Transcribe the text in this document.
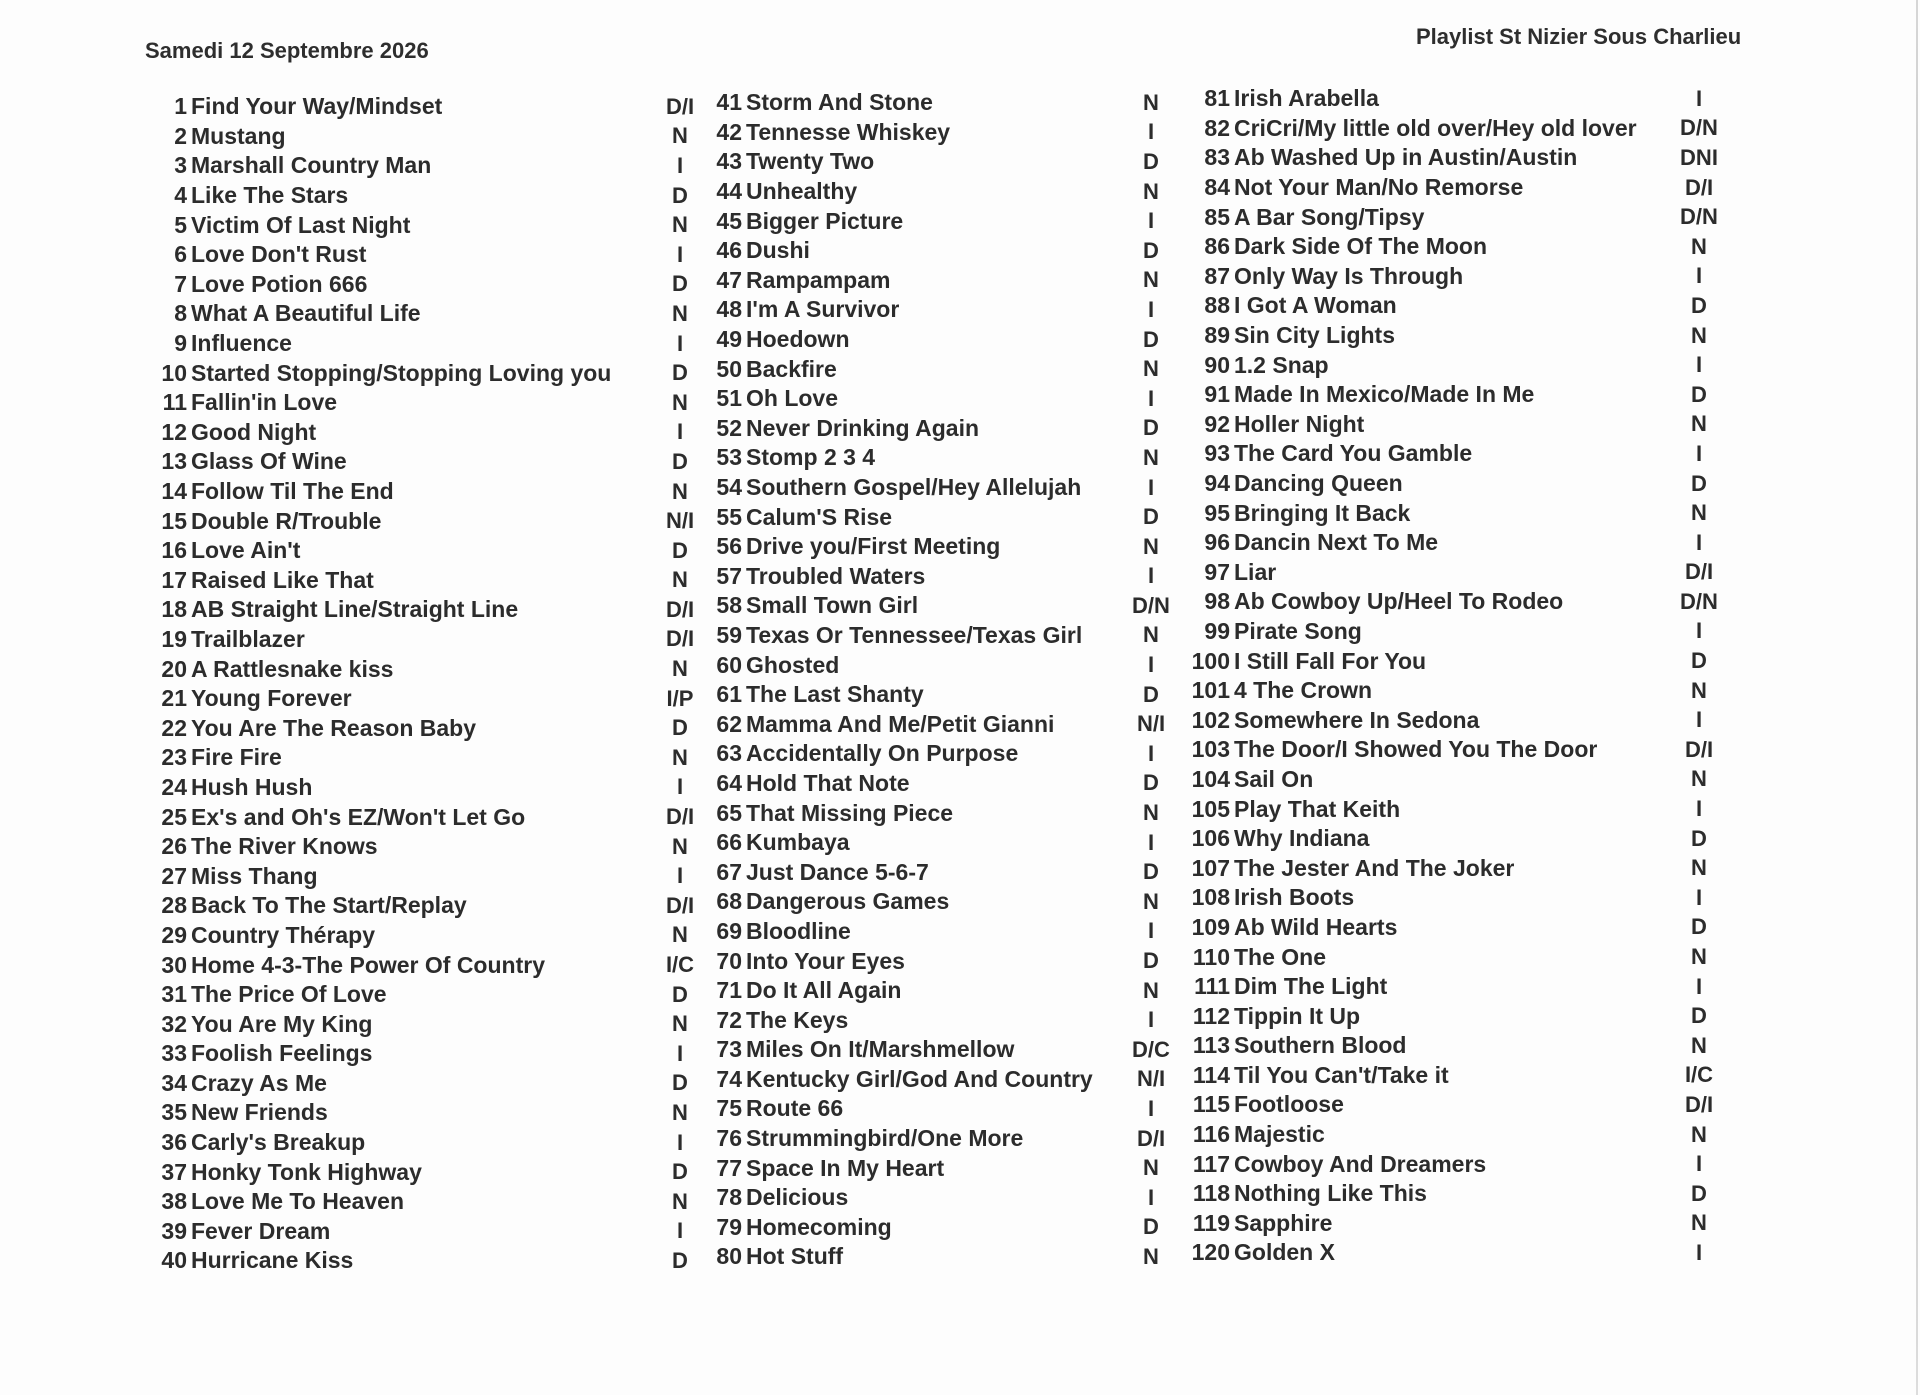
Samedi 12 Septembre 2026
Playlist St Nizier Sous Charlieu
1 Find Your Way/Mindset	D/I
2 Mustang	N
3 Marshall Country Man	I
4 Like The Stars	D
5 Victim Of Last Night	N
6 Love Don't Rust	I
7 Love Potion 666	D
8 What A Beautiful Life	N
9 Influence	I
10 Started Stopping/Stopping Loving you	D
11 Fallin'in Love	N
12 Good Night	I
13 Glass Of Wine	D
14 Follow Til The End	N
15 Double R/Trouble	N/I
16 Love Ain't	D
17 Raised Like That	N
18 AB Straight Line/Straight Line	D/I
19 Trailblazer	D/I
20 A Rattlesnake kiss	N
21 Young Forever	I/P
22 You Are The Reason Baby	D
23 Fire Fire	N
24 Hush Hush	I
25 Ex's and Oh's EZ/Won't Let Go	D/I
26 The River Knows	N
27 Miss Thang	I
28 Back To The Start/Replay	D/I
29 Country Thérapy	N
30 Home 4-3-The Power Of Country	I/C
31 The Price Of Love	D
32 You Are My King	N
33 Foolish Feelings	I
34 Crazy As Me	D
35 New Friends	N
36 Carly's Breakup	I
37 Honky Tonk Highway	D
38 Love Me To Heaven	N
39 Fever Dream	I
40 Hurricane Kiss	D
41 Storm And Stone	N
42 Tennesse Whiskey	I
43 Twenty Two	D
44 Unhealthy	N
45 Bigger Picture	I
46 Dushi	D
47 Rampampam	N
48 I'm A Survivor	I
49 Hoedown	D
50 Backfire	N
51 Oh Love	I
52 Never Drinking Again	D
53 Stomp 2 3 4	N
54 Southern Gospel/Hey Allelujah	I
55 Calum'S Rise	D
56 Drive you/First Meeting	N
57 Troubled Waters	I
58 Small Town Girl	D/N
59 Texas Or Tennessee/Texas Girl	N
60 Ghosted	I
61 The Last Shanty	D
62 Mamma And Me/Petit Gianni	N/I
63 Accidentally On Purpose	I
64 Hold That Note	D
65 That Missing Piece	N
66 Kumbaya	I
67 Just Dance 5-6-7	D
68 Dangerous Games	N
69 Bloodline	I
70 Into Your Eyes	D
71 Do It All Again	N
72 The Keys	I
73 Miles On It/Marshmellow	D/C
74 Kentucky Girl/God And Country	N/I
75 Route 66	I
76 Strummingbird/One More	D/I
77 Space In My Heart	N
78 Delicious	I
79 Homecoming	D
80 Hot Stuff	N
81 Irish Arabella	I
82 CriCri/My little old over/Hey old lover	D/N
83 Ab Washed Up in Austin/Austin	DNI
84 Not Your Man/No Remorse	D/I
85 A Bar Song/Tipsy	D/N
86 Dark Side Of The Moon	N
87 Only Way Is Through	I
88 I Got A Woman	D
89 Sin City Lights	N
90 1.2 Snap	I
91 Made In Mexico/Made In Me	D
92 Holler Night	N
93 The Card You Gamble	I
94 Dancing Queen	D
95 Bringing It Back	N
96 Dancin Next To Me	I
97 Liar	D/I
98 Ab Cowboy Up/Heel To Rodeo	D/N
99 Pirate Song	I
100 I Still Fall For You	D
101 4 The Crown	N
102 Somewhere In Sedona	I
103 The Door/I Showed You The Door	D/I
104 Sail On	N
105 Play That Keith	I
106 Why Indiana	D
107 The Jester And The Joker	N
108 Irish Boots	I
109 Ab Wild Hearts	D
110 The One	N
111 Dim The Light	I
112 Tippin It Up	D
113 Southern Blood	N
114 Til You Can't/Take it	I/C
115 Footloose	D/I
116 Majestic	N
117 Cowboy And Dreamers	I
118 Nothing Like This	D
119 Sapphire	N
120 Golden X	I
